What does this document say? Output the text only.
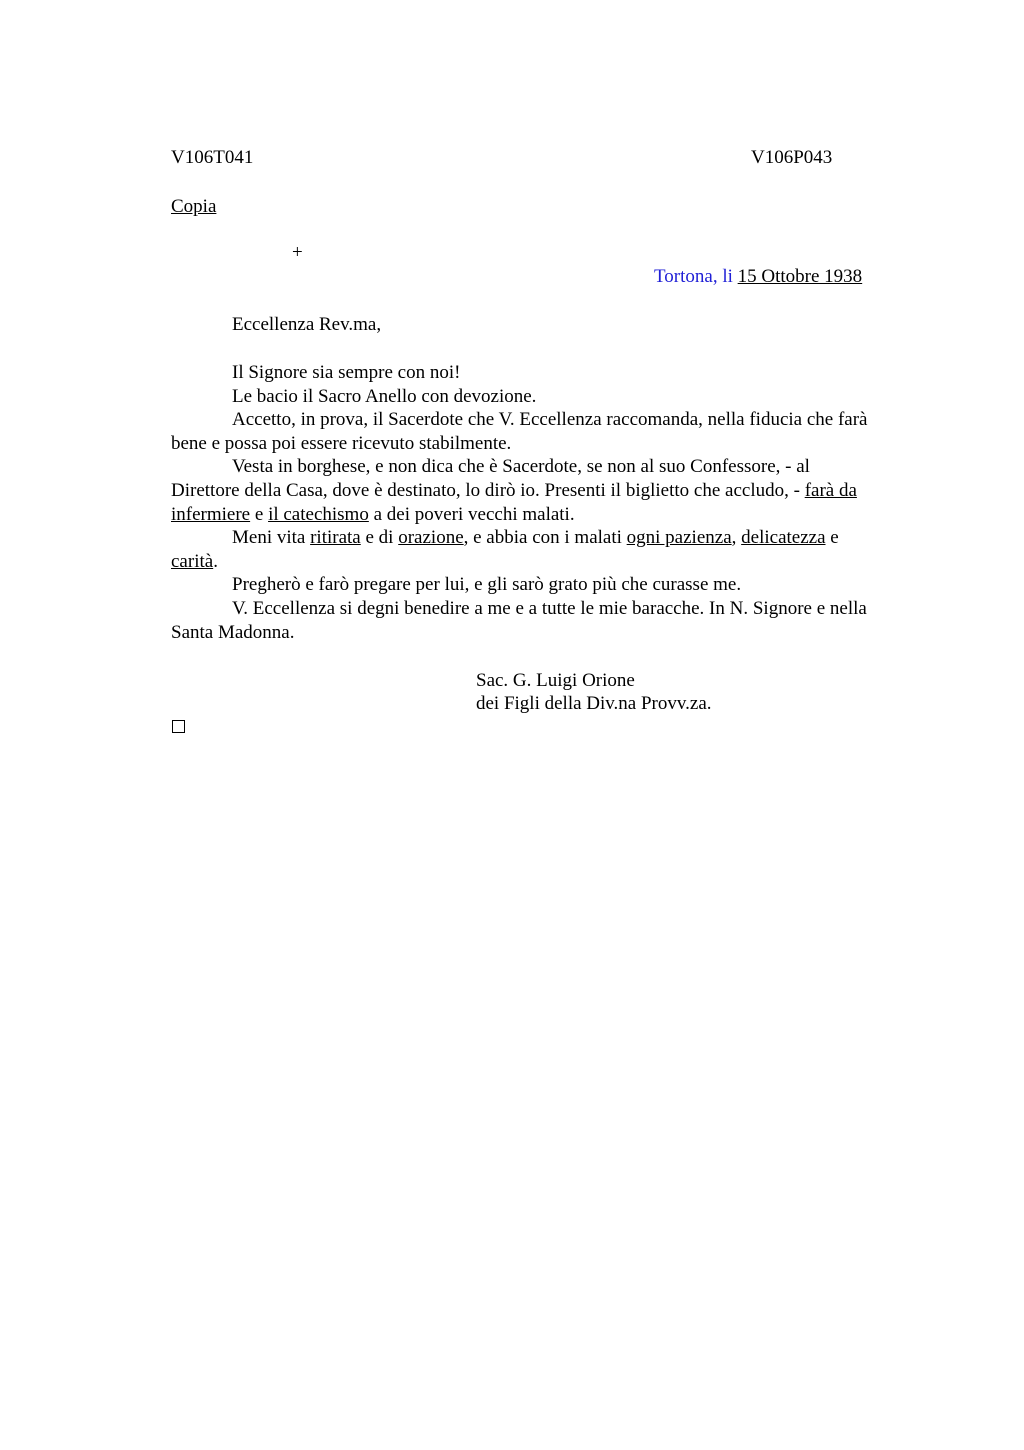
V106T041	V106P043
Copia
+
Tortona, li 15 Ottobre 1938
Eccellenza Rev.ma,
Il Signore sia sempre con noi!
Le bacio il Sacro Anello con devozione.
Accetto, in prova, il Sacerdote che V. Eccellenza raccomanda, nella fiducia che farà
bene e possa poi essere ricevuto stabilmente.
Vesta in borghese, e non dica che è Sacerdote, se non al suo Confessore, - al
Direttore della Casa, dove è destinato, lo dirò io. Presenti il biglietto che accludo, - farà da
infermiere e il catechismo a dei poveri vecchi malati.
Meni vita ritirata e di orazione, e abbia con i malati ogni pazienza, delicatezza e
carità.
Pregherò e farò pregare per lui, e gli sarò grato più che curasse me.
V. Eccellenza si degni benedire a me e a tutte le mie baracche. In N. Signore e nella
Santa Madonna.
Sac. G. Luigi Orione
dei Figli della Div.na Provv.za.
